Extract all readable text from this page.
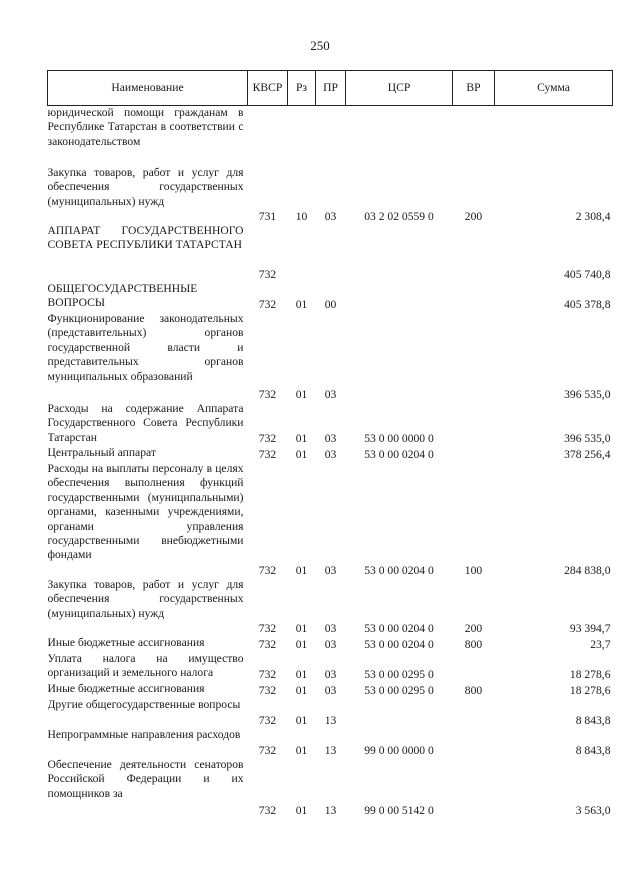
250
Наименование	КВСР	Рз	ПР	ЦСР	ВР	Сумма

юридической помощи гражданам в Республике Татарстан в соответствии с законодательством						

Закупка товаров, работ и услуг для обеспечения государственных (муниципальных) нужд	731	10	03	03 2 02 0559 0	200	2 308,4

АППАРАТ ГОСУДАРСТВЕННОГО СОВЕТА РЕСПУБЛИКИ ТАТАРСТАН	732					405 740,8

ОБЩЕГОСУДАРСТВЕННЫЕ ВОПРОСЫ	732	01	00			405 378,8

Функционирование законодательных (представительных) органов государственной власти и представительных органов муниципальных образований	732	01	03			396 535,0

Расходы на содержание Аппарата Государственного Совета Республики Татарстан	732	01	03	53 0 00 0000 0		396 535,0

Центральный аппарат	732	01	03	53 0 00 0204 0		378 256,4

Расходы на выплаты персоналу в целях обеспечения выполнения функций государственными (муниципальными) органами, казенными учреждениями, органами управления государственными внебюджетными фондами	732	01	03	53 0 00 0204 0	100	284 838,0

Закупка товаров, работ и услуг для обеспечения государственных (муниципальных) нужд	732	01	03	53 0 00 0204 0	200	93 394,7

Иные бюджетные ассигнования	732	01	03	53 0 00 0204 0	800	23,7

Уплата налога на имущество организаций и земельного налога	732	01	03	53 0 00 0295 0		18 278,6

Иные бюджетные ассигнования	732	01	03	53 0 00 0295 0	800	18 278,6

Другие общегосударственные вопросы	732	01	13			8 843,8

Непрограммные направления расходов	732	01	13	99 0 00 0000 0		8 843,8

Обеспечение деятельности сенаторов Российской Федерации и их помощников за	732	01	13	99 0 00 5142 0		3 563,0
